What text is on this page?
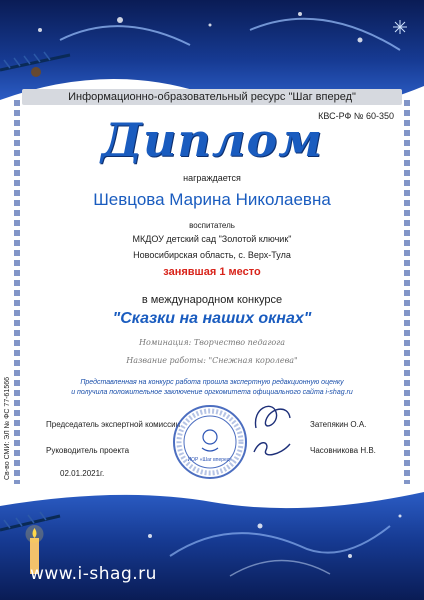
Информационно-образовательный ресурс "Шаг вперед"
КВС-РФ № 60-350
Диплом
награждается
Шевцова Марина Николаевна
воспитатель
МКДОУ детский сад "Золотой ключик"
Новосибирская область, с. Верх-Тула
занявшая 1 место
в международном конкурсе
"Сказки на наших окнах"
Номинация: Творчество педагога
Название работы: "Снежная королева"
Представленная на конкурс работа прошла экспертную редакционную оценку
и получила положительное заключение оргкомитета официального сайта i-shag.ru
Св-во СМИ: ЭЛ № ФС 77-61566	Председатель экспертной комиссии
Руководитель проекта
02.01.2021г.
Затепякин О.А.
Часовникова Н.В.
ИОР «Шаг вперед»
www.i-shag.ru
